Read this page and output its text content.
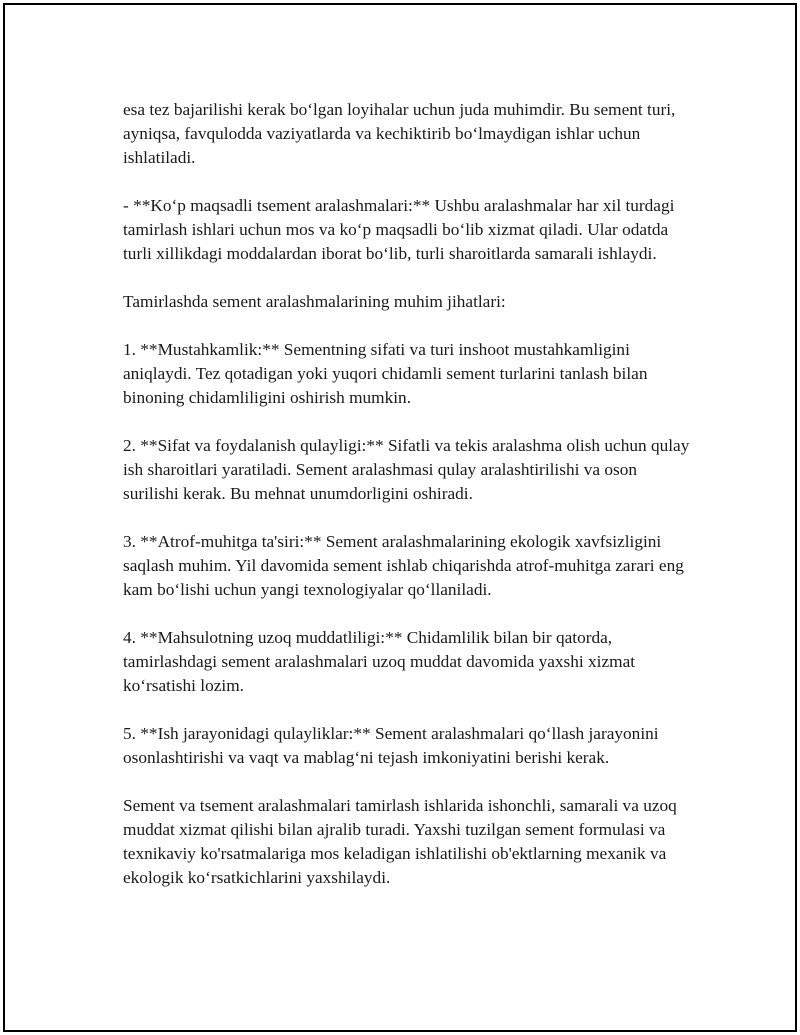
esa tez bajarilishi kerak bo‘lgan loyihalar uchun juda muhimdir. Bu sement turi, ayniqsa, favqulodda vaziyatlarda va kechiktirib bo‘lmaydigan ishlar uchun ishlatiladi.

- **Ko‘p maqsadli tsement aralashmalari:** Ushbu aralashmalar har xil turdagi tamirlash ishlari uchun mos va ko‘p maqsadli bo‘lib xizmat qiladi. Ular odatda turli xillikdagi moddalardan iborat bo‘lib, turli sharoitlarda samarali ishlaydi.

Tamirlashda sement aralashmalarining muhim jihatlari:

1. **Mustahkamlik:** Sementning sifati va turi inshoot mustahkamligini aniqlaydi. Tez qotadigan yoki yuqori chidamli sement turlarini tanlash bilan binoning chidamliligini oshirish mumkin.

2. **Sifat va foydalanish qulayligi:** Sifatli va tekis aralashma olish uchun qulay ish sharoitlari yaratiladi. Sement aralashmasi qulay aralashtirilishi va oson surilishi kerak. Bu mehnat unumdorligini oshiradi.

3. **Atrof-muhitga ta'siri:** Sement aralashmalarining ekologik xavfsizligini saqlash muhim. Yil davomida sement ishlab chiqarishda atrof-muhitga zarari eng kam bo‘lishi uchun yangi texnologiyalar qo‘llaniladi.

4. **Mahsulotning uzoq muddatliligi:** Chidamlilik bilan bir qatorda, tamirlashdagi sement aralashmalari uzoq muddat davomida yaxshi xizmat ko‘rsatishi lozim.

5. **Ish jarayonidagi qulayliklar:** Sement aralashmalari qo‘llash jarayonini osonlashtirishi va vaqt va mablag‘ni tejash imkoniyatini berishi kerak.

Sement va tsement aralashmalari tamirlash ishlarida ishonchli, samarali va uzoq muddat xizmat qilishi bilan ajralib turadi. Yaxshi tuzilgan sement formulasi va texnikaviy ko'rsatmalariga mos keladigan ishlatilishi ob'ektlarning mexanik va ekologik ko‘rsatkichlarini yaxshilaydi.
